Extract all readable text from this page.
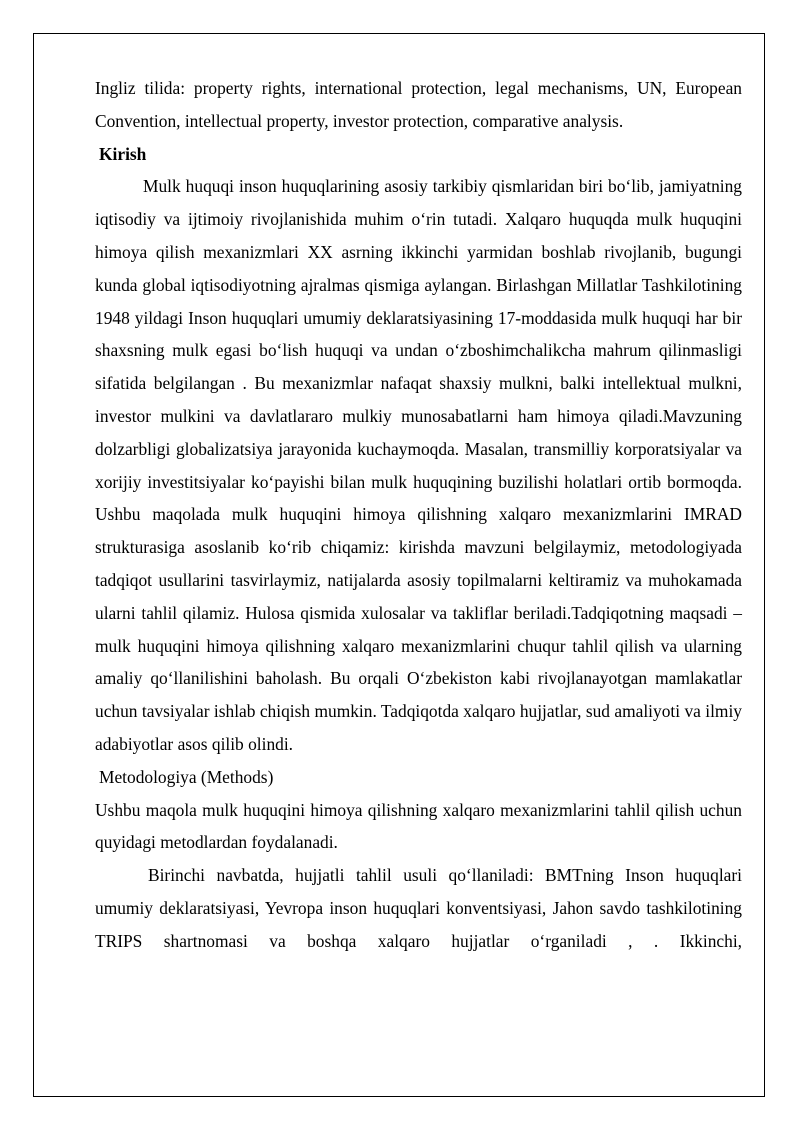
Ingliz tilida: property rights, international protection, legal mechanisms, UN, European Convention, intellectual property, investor protection, comparative analysis.

Kirish

Mulk huquqi inson huquqlarining asosiy tarkibiy qismlaridan biri bo‘lib, jamiyatning iqtisodiy va ijtimoiy rivojlanishida muhim o‘rin tutadi. Xalqaro huquqda mulk huquqini himoya qilish mexanizmlari XX asrning ikkinchi yarmidan boshlab rivojlanib, bugungi kunda global iqtisodiyotning ajralmas qismiga aylangan. Birlashgan Millatlar Tashkilotining 1948 yildagi Inson huquqlari umumiy deklaratsiyasining 17-moddasida mulk huquqi har bir shaxsning mulk egasi bo‘lish huquqi va undan o‘zboshimchalikcha mahrum qilinmasligi sifatida belgilangan . Bu mexanizmlar nafaqat shaxsiy mulkni, balki intellektual mulkni, investor mulkini va davlatlararo mulkiy munosabatlarni ham himoya qiladi.Mavzuning dolzarbligi globalizatsiya jarayonida kuchaymoqda. Masalan, transmilliy korporatsiyalar va xorijiy investitsiyalar ko‘payishi bilan mulk huquqining buzilishi holatlari ortib bormoqda. Ushbu maqolada mulk huquqini himoya qilishning xalqaro mexanizmlarini IMRAD strukturasiga asoslanib ko‘rib chiqamiz: kirishda mavzuni belgilaymiz, metodologiyada tadqiqot usullarini tasvirlaymiz, natijalarda asosiy topilmalarni keltiramiz va muhokamada ularni tahlil qilamiz. Hulosa qismida xulosalar va takliflar beriladi.Tadqiqotning maqsadi – mulk huquqini himoya qilishning xalqaro mexanizmlarini chuqur tahlil qilish va ularning amaliy qo‘llanilishini baholash. Bu orqali O‘zbekiston kabi rivojlanayotgan mamlakatlar uchun tavsiyalar ishlab chiqish mumkin. Tadqiqotda xalqaro hujjatlar, sud amaliyoti va ilmiy adabiyotlar asos qilib olindi.

Metodologiya (Methods)

Ushbu maqola mulk huquqini himoya qilishning xalqaro mexanizmlarini tahlil qilish uchun quyidagi metodlardan foydalanadi.

Birinchi navbatda, hujjatli tahlil usuli qo‘llaniladi: BMTning Inson huquqlari umumiy deklaratsiyasi, Yevropa inson huquqlari konventsiyasi, Jahon savdo tashkilotining TRIPS shartnomasi va boshqa xalqaro hujjatlar o‘rganiladi , . Ikkinchi,
